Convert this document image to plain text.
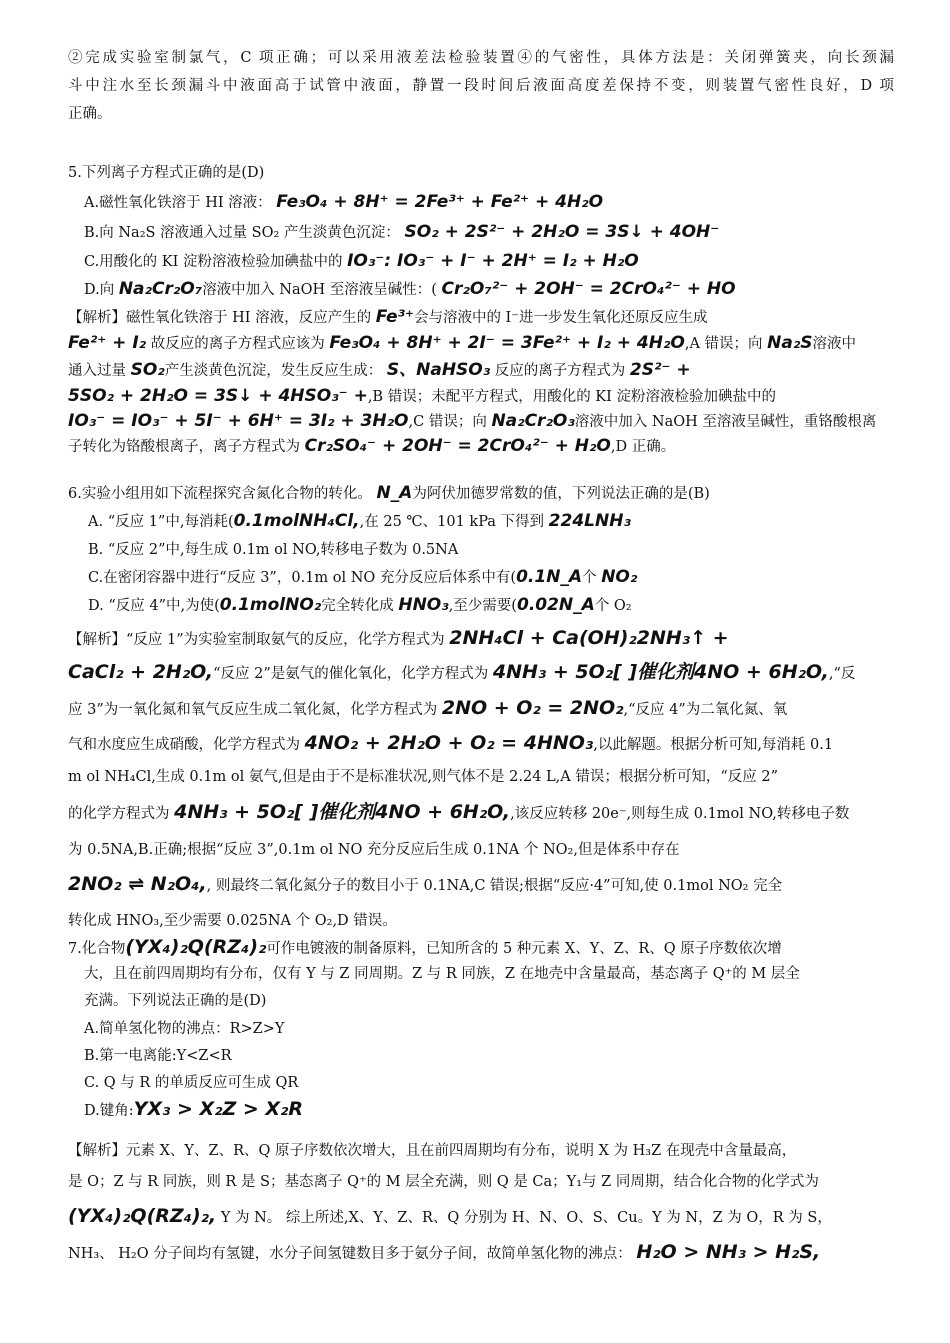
②完成实验室制氯气，C 项正确；可以采用液差法检验装置④的气密性，具体方法是：关闭弹簧夹，向长颈漏
斗中注水至长颈漏斗中液面高于试管中液面，静置一段时间后液面高度差保持不变，则装置气密性良好，D 项
正确。
5.下列离子方程式正确的是(D)
A.磁性氧化铁溶于 HI 溶液： Fe₃O₄ + 8H⁺ = 2Fe³⁺ + Fe²⁺ + 4H₂O
B.向 Na₂S 溶液通入过量 SO₂ 产生淡黄色沉淀： SO₂ + 2S²⁻ + 2H₂O = 3S↓ + 4OH⁻
C.用酸化的 KI 淀粉溶液检验加碘盐中的 IO₃⁻: IO₃⁻ + I⁻ + 2H⁺ = I₂ + H₂O
D.向 Na₂Cr₂O₇溶液中加入 NaOH 至溶液呈碱性：( Cr₂O₇²⁻ + 2OH⁻ = 2CrO₄²⁻ + HO
【解析】磁性氧化铁溶于 HI 溶液，反应产生的 Fe³⁺会与溶液中的 I⁻进一步发生氧化还原反应生成
Fe²⁺ + I₂ 故反应的离子方程式应该为 Fe₃O₄ + 8H⁺ + 2I⁻ = 3Fe²⁺ + I₂ + 4H₂O,A 错误；向 Na₂S溶液中
通入过量 SO₂产生淡黄色沉淀，发生反应生成： S、NaHSO₃ 反应的离子方程式为 2S²⁻ +
5SO₂ + 2H₂O = 3S↓ + 4HSO₃⁻ +,B 错误；未配平方程式，用酸化的 KI 淀粉溶液检验加碘盐中的
IO₃⁻ = IO₃⁻ + 5I⁻ + 6H⁺ = 3I₂ + 3H₂O,C 错误；向 Na₂Cr₂O₃溶液中加入 NaOH 至溶液呈碱性，重铬酸根离
子转化为铬酸根离子，离子方程式为 Cr₂SO₄⁻ + 2OH⁻ = 2CrO₄²⁻ + H₂O,D 正确。
6.实验小组用如下流程探究含氮化合物的转化。 N_A为阿伏加德罗常数的值，下列说法正确的是(B)
A. “反应 1”中,每消耗(0.1molNH₄Cl,,在 25 ℃、101 kPa 下得到 224LNH₃
B. “反应 2”中,每生成 0.1m ol NO,转移电子数为 0.5NA
C.在密闭容器中进行“反应 3”，0.1m ol NO 充分反应后体系中有(0.1N_A个 NO₂
D. “反应 4”中,为使(0.1molNO₂完全转化成 HNO₃,至少需要(0.02N_A个 O₂
【解析】“反应 1”为实验室制取氨气的反应，化学方程式为 2NH₄Cl + Ca(OH)₂2NH₃↑ +
CaCl₂ + 2H₂O,“反应 2”是氨气的催化氧化，化学方程式为 4NH₃ + 5O₂[ ]催化剂4NO + 6H₂O,,“反
应 3”为一氧化氮和氧气反应生成二氧化氮，化学方程式为 2NO + O₂ = 2NO₂,“反应 4”为二氧化氮、氧
气和水度应生成硝酸，化学方程式为 4NO₂ + 2H₂O + O₂ = 4HNO₃,以此解题。根据分析可知,每消耗 0.1
m ol NH₄Cl,生成 0.1m ol 氨气,但是由于不是标准状况,则气体不是 2.24 L,A 错误；根据分析可知，“反应 2”
的化学方程式为 4NH₃ + 5O₂[ ]催化剂4NO + 6H₂O,,该反应转移 20e⁻,则每生成 0.1mol NO,转移电子数
为 0.5NA,B.正确;根据“反应 3”,0.1m ol NO 充分反应后生成 0.1NA 个 NO₂,但是体系中存在
2NO₂ ⇌ N₂O₄,, 则最终二氧化氮分子的数目小于 0.1NA,C 错误;根据“反应·4”可知,使 0.1mol NO₂ 完全
转化成 HNO₃,至少需要 0.025NA 个 O₂,D 错误。
7.化合物(YX₄)₂Q(RZ₄)₂可作电镀液的制备原料，已知所含的 5 种元素 X、Y、Z、R、Q 原子序数依次增
大，且在前四周期均有分布，仅有 Y 与 Z 同周期。Z 与 R 同族，Z 在地壳中含量最高，基态离子 Q⁺的 M 层全
充满。下列说法正确的是(D)
A.简单氢化物的沸点：R>Z>Y
B.第一电离能:Y<Z<R
C. Q 与 R 的单质反应可生成 QR
D.键角:YX₃ > X₂Z > X₂R
【解析】元素 X、Y、Z、R、Q 原子序数依次增大，且在前四周期均有分布，说明 X 为 H₃Z 在现壳中含量最高，
是 O；Z 与 R 同族，则 R 是 S；基态离子 Q⁺的 M 层全充满，则 Q 是 Ca；Y₁与 Z 同周期，结合化合物的化学式为
(YX₄)₂Q(RZ₄)₂, Y 为 N。 综上所述,X、Y、Z、R、Q 分别为 H、N、O、S、Cu。Y 为 N，Z 为 O，R 为 S，
NH₃、 H₂O 分子间均有氢键，水分子间氢键数目多于氨分子间，故简单氢化物的沸点： H₂O > NH₃ > H₂S,
